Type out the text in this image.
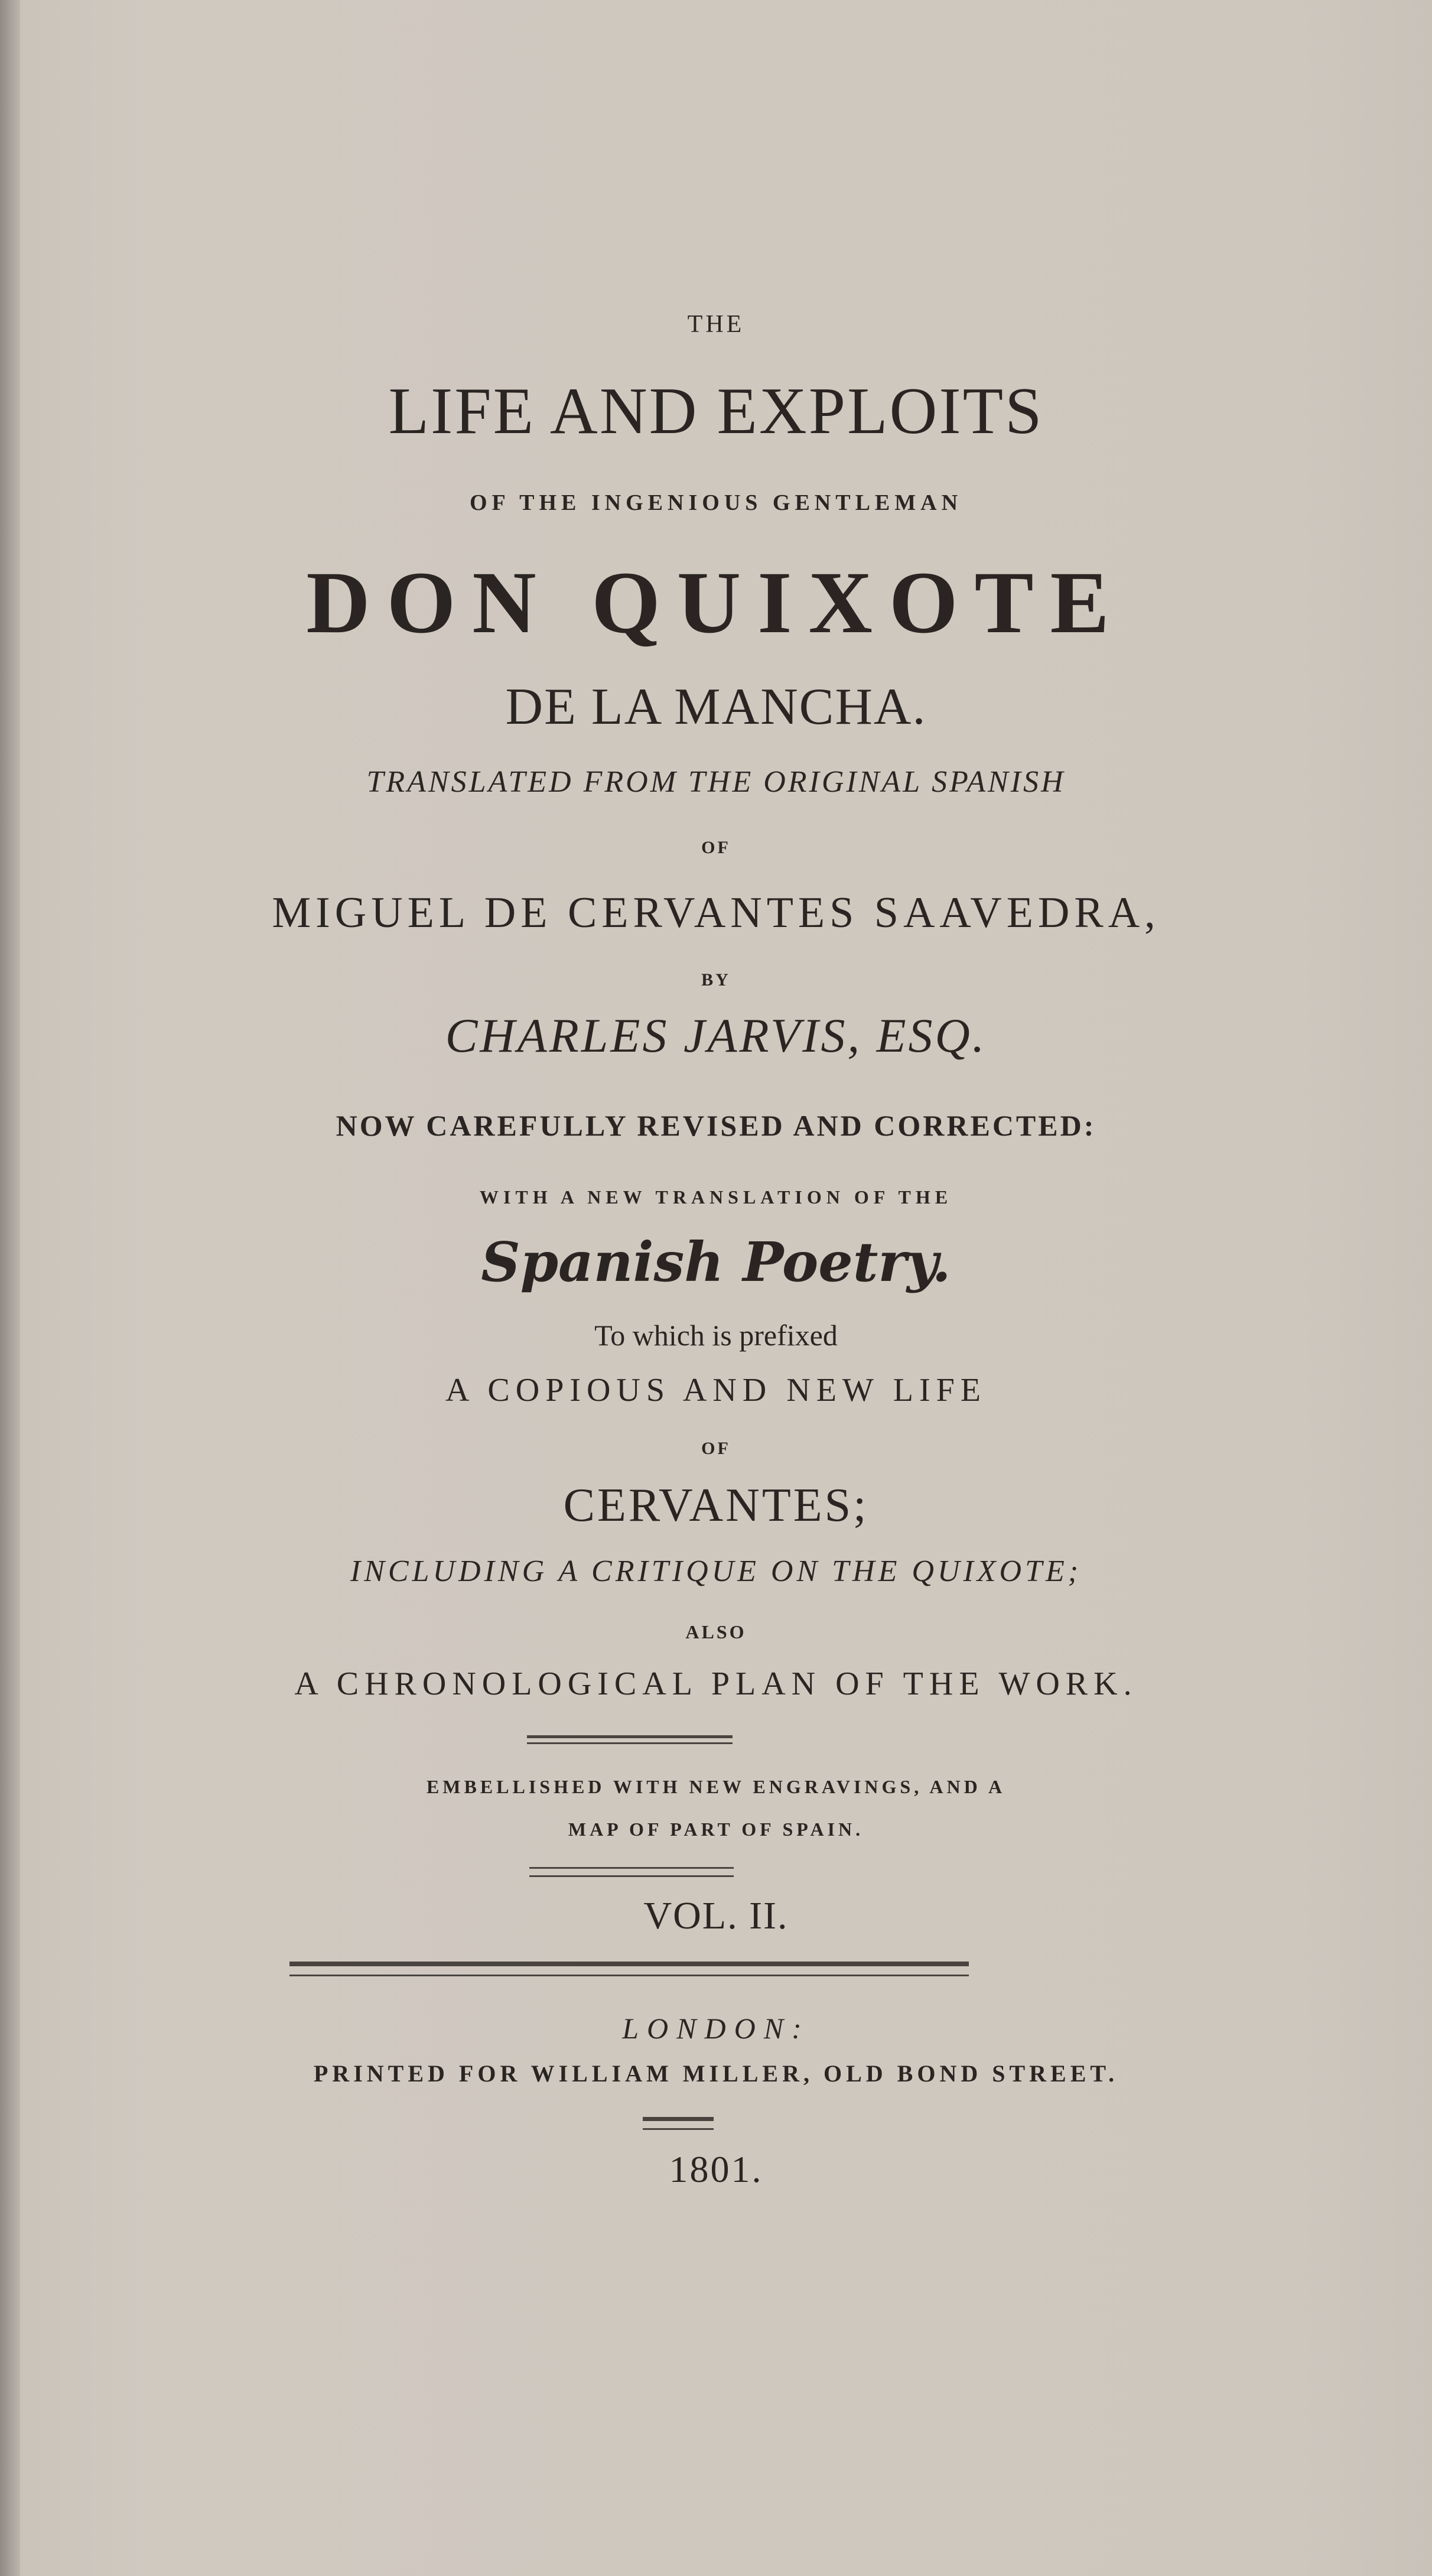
THE
LIFE AND EXPLOITS
OF THE INGENIOUS GENTLEMAN
DON QUIXOTE
DE LA MANCHA.
TRANSLATED FROM THE ORIGINAL SPANISH
OF
MIGUEL DE CERVANTES SAAVEDRA,
BY
CHARLES JARVIS, ESQ.
NOW CAREFULLY REVISED AND CORRECTED:
WITH A NEW TRANSLATION OF THE
Spanish Poetry.
To which is prefixed
A COPIOUS AND NEW LIFE
OF
CERVANTES;
INCLUDING A CRITIQUE ON THE QUIXOTE;
ALSO
A CHRONOLOGICAL PLAN OF THE WORK.
EMBELLISHED WITH NEW ENGRAVINGS, AND A
MAP OF PART OF SPAIN.
VOL. II.
LONDON:
PRINTED FOR WILLIAM MILLER, OLD BOND STREET.
1801.
